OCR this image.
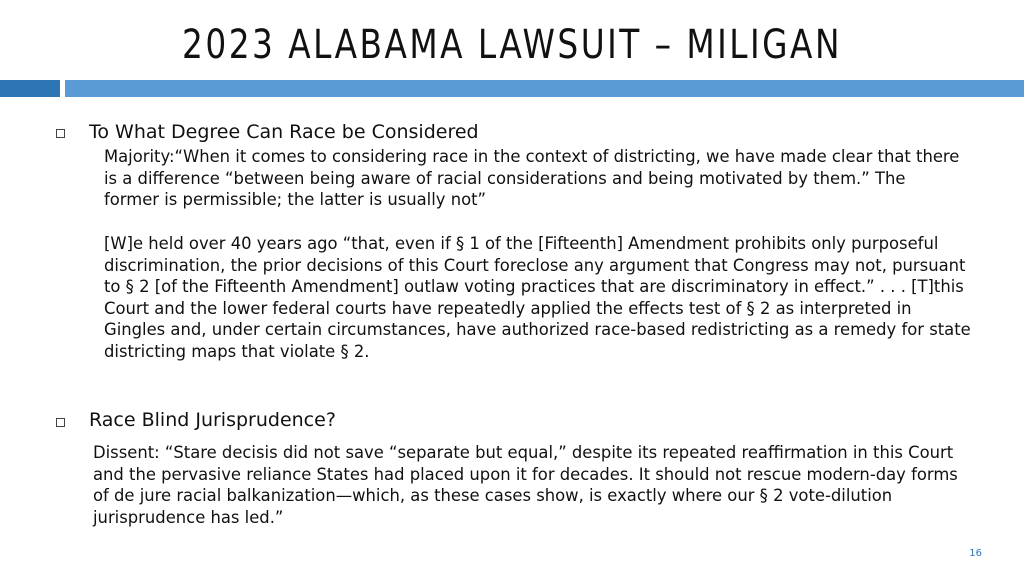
2023 ALABAMA LAWSUIT – MILIGAN
To What Degree Can Race be Considered

Majority:“When it comes to considering race in the context of districting, we have made clear that there is a difference “between being aware of racial considerations and being motivated by them.” The former is permissible; the latter is usually not”

[W]e held over 40 years ago “that, even if § 1 of the [Fifteenth] Amendment prohibits only purposeful discrimination, the prior decisions of this Court foreclose any argument that Congress may not, pursuant to § 2 [of the Fifteenth Amendment] outlaw voting practices that are discriminatory in effect.” . . . [T]this Court and the lower federal courts have repeatedly applied the effects test of § 2 as interpreted in Gingles and, under certain circumstances, have authorized race-based redistricting as a remedy for state districting maps that violate § 2.

Race Blind Jurisprudence?

Dissent: “Stare decisis did not save “separate but equal,” despite its repeated reaffirmation in this Court and the pervasive reliance States had placed upon it for decades. It should not rescue modern-day forms of de jure racial balkanization—which, as these cases show, is exactly where our § 2 vote-dilution jurisprudence has led.”

16
